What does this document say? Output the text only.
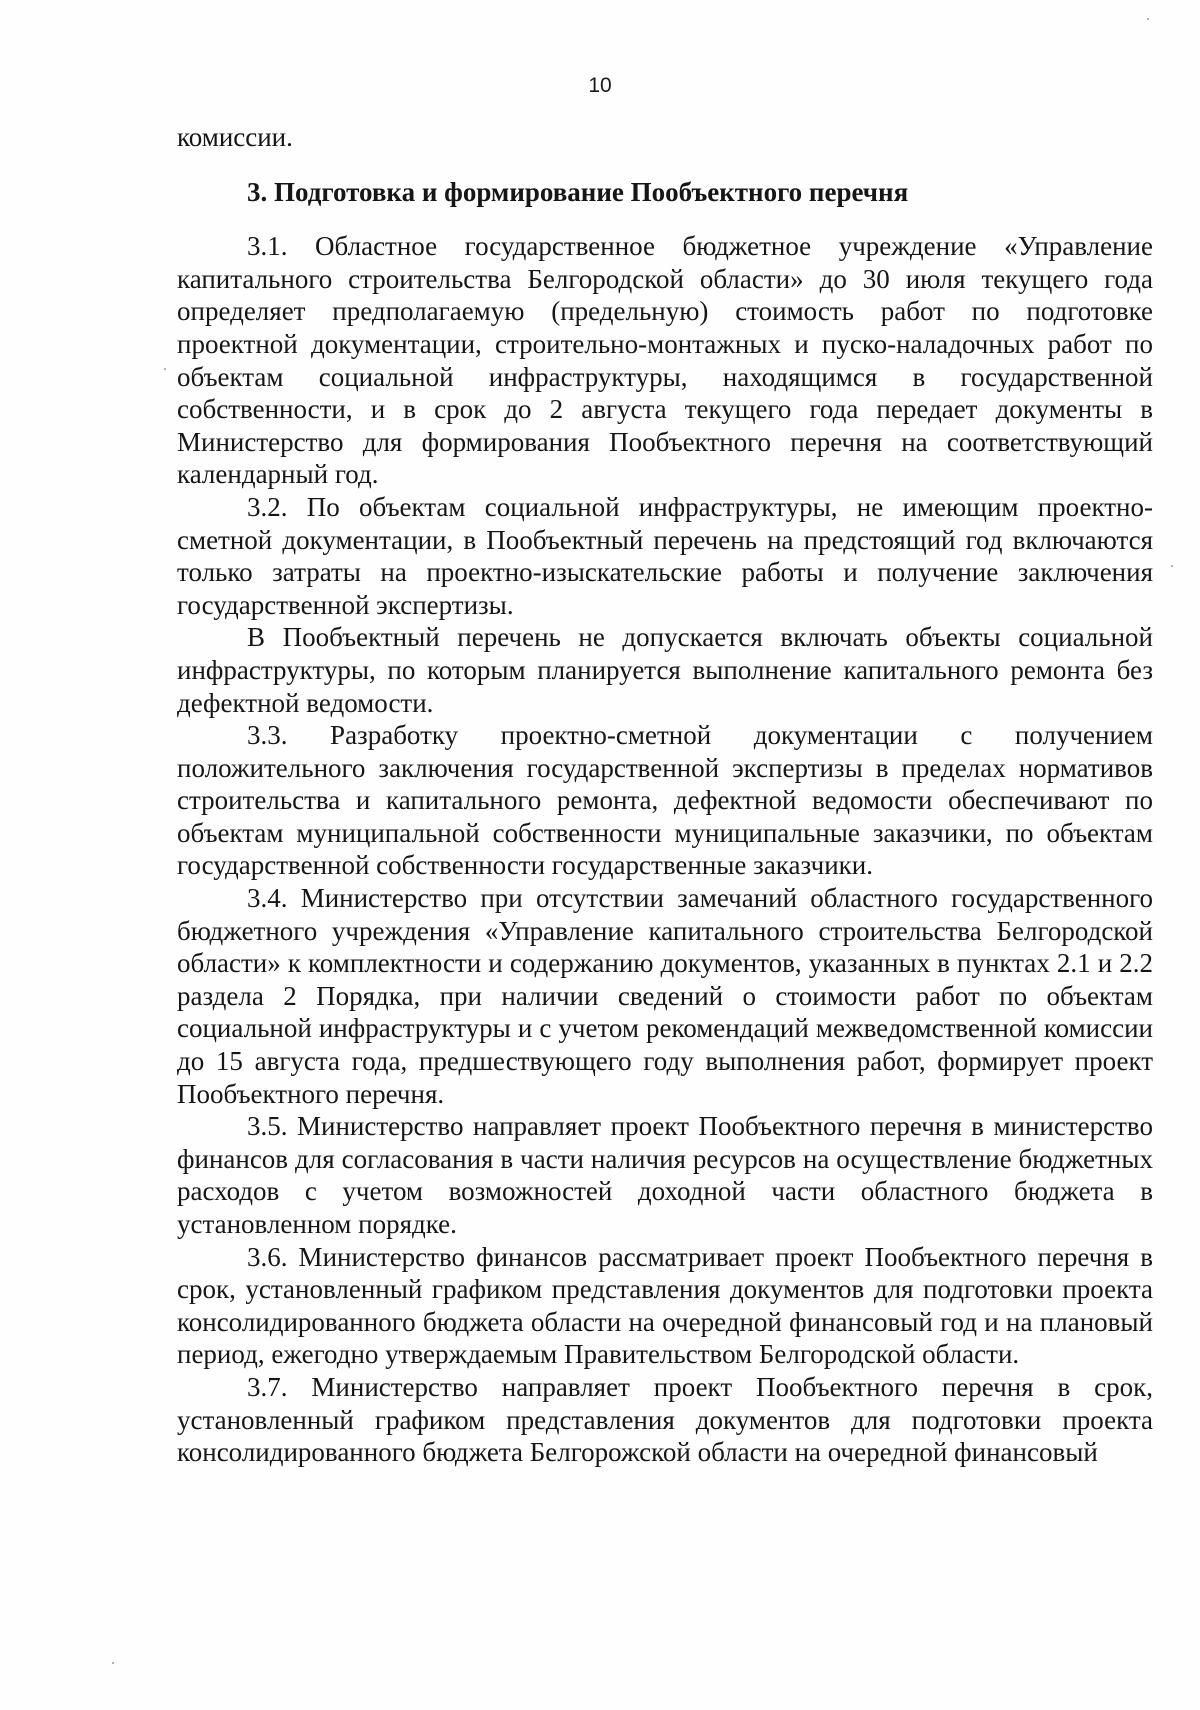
10

комиссии.

3. Подготовка и формирование Пообъектного перечня

3.1. Областное государственное бюджетное учреждение «Управление капитального строительства Белгородской области» до 30 июля текущего года определяет предполагаемую (предельную) стоимость работ по подготовке проектной документации, строительно-монтажных и пуско-наладочных работ по объектам социальной инфраструктуры, находящимся в государственной собственности, и в срок до 2 августа текущего года передает документы в Министерство для формирования Пообъектного перечня на соответствующий календарный год.

3.2. По объектам социальной инфраструктуры, не имеющим проектно-сметной документации, в Пообъектный перечень на предстоящий год включаются только затраты на проектно-изыскательские работы и получение заключения государственной экспертизы.

В Пообъектный перечень не допускается включать объекты социальной инфраструктуры, по которым планируется выполнение капитального ремонта без дефектной ведомости.

3.3. Разработку проектно-сметной документации с получением положительного заключения государственной экспертизы в пределах нормативов строительства и капитального ремонта, дефектной ведомости обеспечивают по объектам муниципальной собственности муниципальные заказчики, по объектам государственной собственности государственные заказчики.

3.4. Министерство при отсутствии замечаний областного государственного бюджетного учреждения «Управление капитального строительства Белгородской области» к комплектности и содержанию документов, указанных в пунктах 2.1 и 2.2 раздела 2 Порядка, при наличии сведений о стоимости работ по объектам социальной инфраструктуры и с учетом рекомендаций межведомственной комиссии до 15 августа года, предшествующего году выполнения работ, формирует проект Пообъектного перечня.

3.5. Министерство направляет проект Пообъектного перечня в министерство финансов для согласования в части наличия ресурсов на осуществление бюджетных расходов с учетом возможностей доходной части областного бюджета в установленном порядке.

3.6. Министерство финансов рассматривает проект Пообъектного перечня в срок, установленный графиком представления документов для подготовки проекта консолидированного бюджета области на очередной финансовый год и на плановый период, ежегодно утверждаемым Правительством Белгородской области.

3.7. Министерство направляет проект Пообъектного перечня в срок, установленный графиком представления документов для подготовки проекта консолидированного бюджета Белгорожской области на очередной финансовый
